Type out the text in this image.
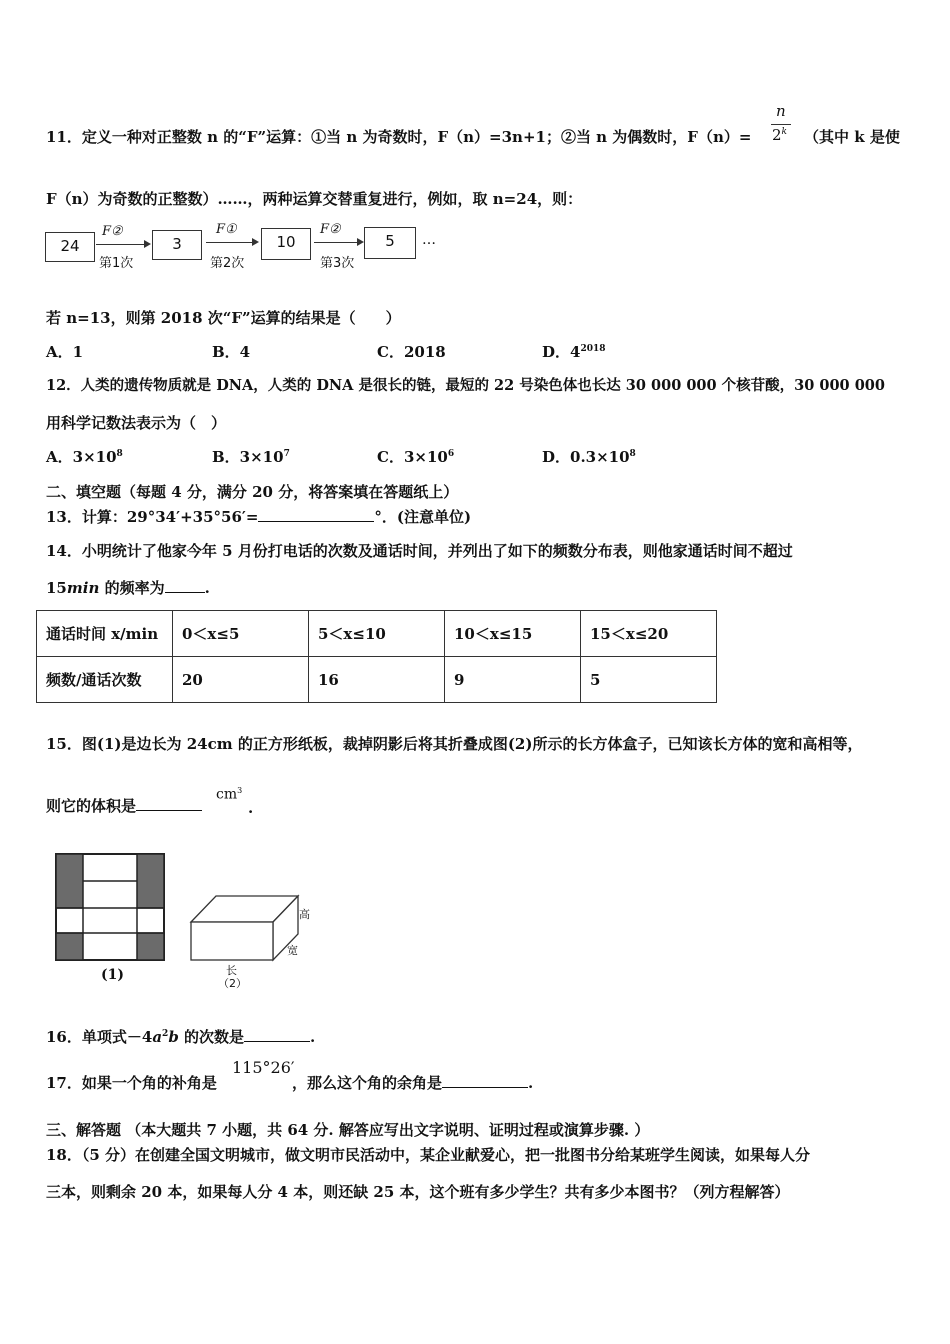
11．定义一种对正整数 n 的“F”运算：①当 n 为奇数时，F（n）=3n+1；②当 n 为偶数时，F（n）=
n
2$^k$ （其中 k 是使
F（n）为奇数的正整数）……，两种运算交替重复进行，例如，取 n=24，则：
24
F②
第1次
3
F①
第2次
10
F②
第3次
5	…
若 n=13，则第 2018 次“F”运算的结果是（　　）
A．1	B．4	C．2018	D．$4^{2018}$
12．人类的遗传物质就是 DNA，人类的 DNA 是很长的链，最短的 22 号染色体也长达 30 000 000 个核苷酸，30 000 000
用科学记数法表示为（　）
A．$3\times 10^8$	B．$3\times 10^7$	C．$3\times 10^6$	D．$0.3\times 10^8$
二、填空题（每题 4 分，满分 20 分，将答案填在答题纸上）
13．计算：29°34′+35°56′=	°．(注意单位)
14．小明统计了他家今年 5 月份打电话的次数及通话时间，并列出了如下的频数分布表，则他家通话时间不超过
15min 的频率为	.
通话时间 x/min	0＜x≤5	5＜x≤10	10＜x≤15	15＜x≤20
频数/通话次数	20	16	9	5
15．图(1)是边长为 24cm 的正方形纸板，裁掉阴影后将其折叠成图(2)所示的长方体盒子，已知该长方体的宽和高相等，
则它的体积是
$cm^3$
.
(1)
高
宽
长
（2）
16．单项式$-4a^2b$ 的次数是	.
17．如果一个角的补角是
115°26′
，那么这个角的余角是	.
三、解答题 （本大题共 7 小题，共 64 分. 解答应写出文字说明、证明过程或演算步骤. ）
18．（5 分）在创建全国文明城市，做文明市民活动中，某企业献爱心，把一批图书分给某班学生阅读，如果每人分
三本，则剩余 20 本，如果每人分 4 本，则还缺 25 本，这个班有多少学生？共有多少本图书？（列方程解答）
